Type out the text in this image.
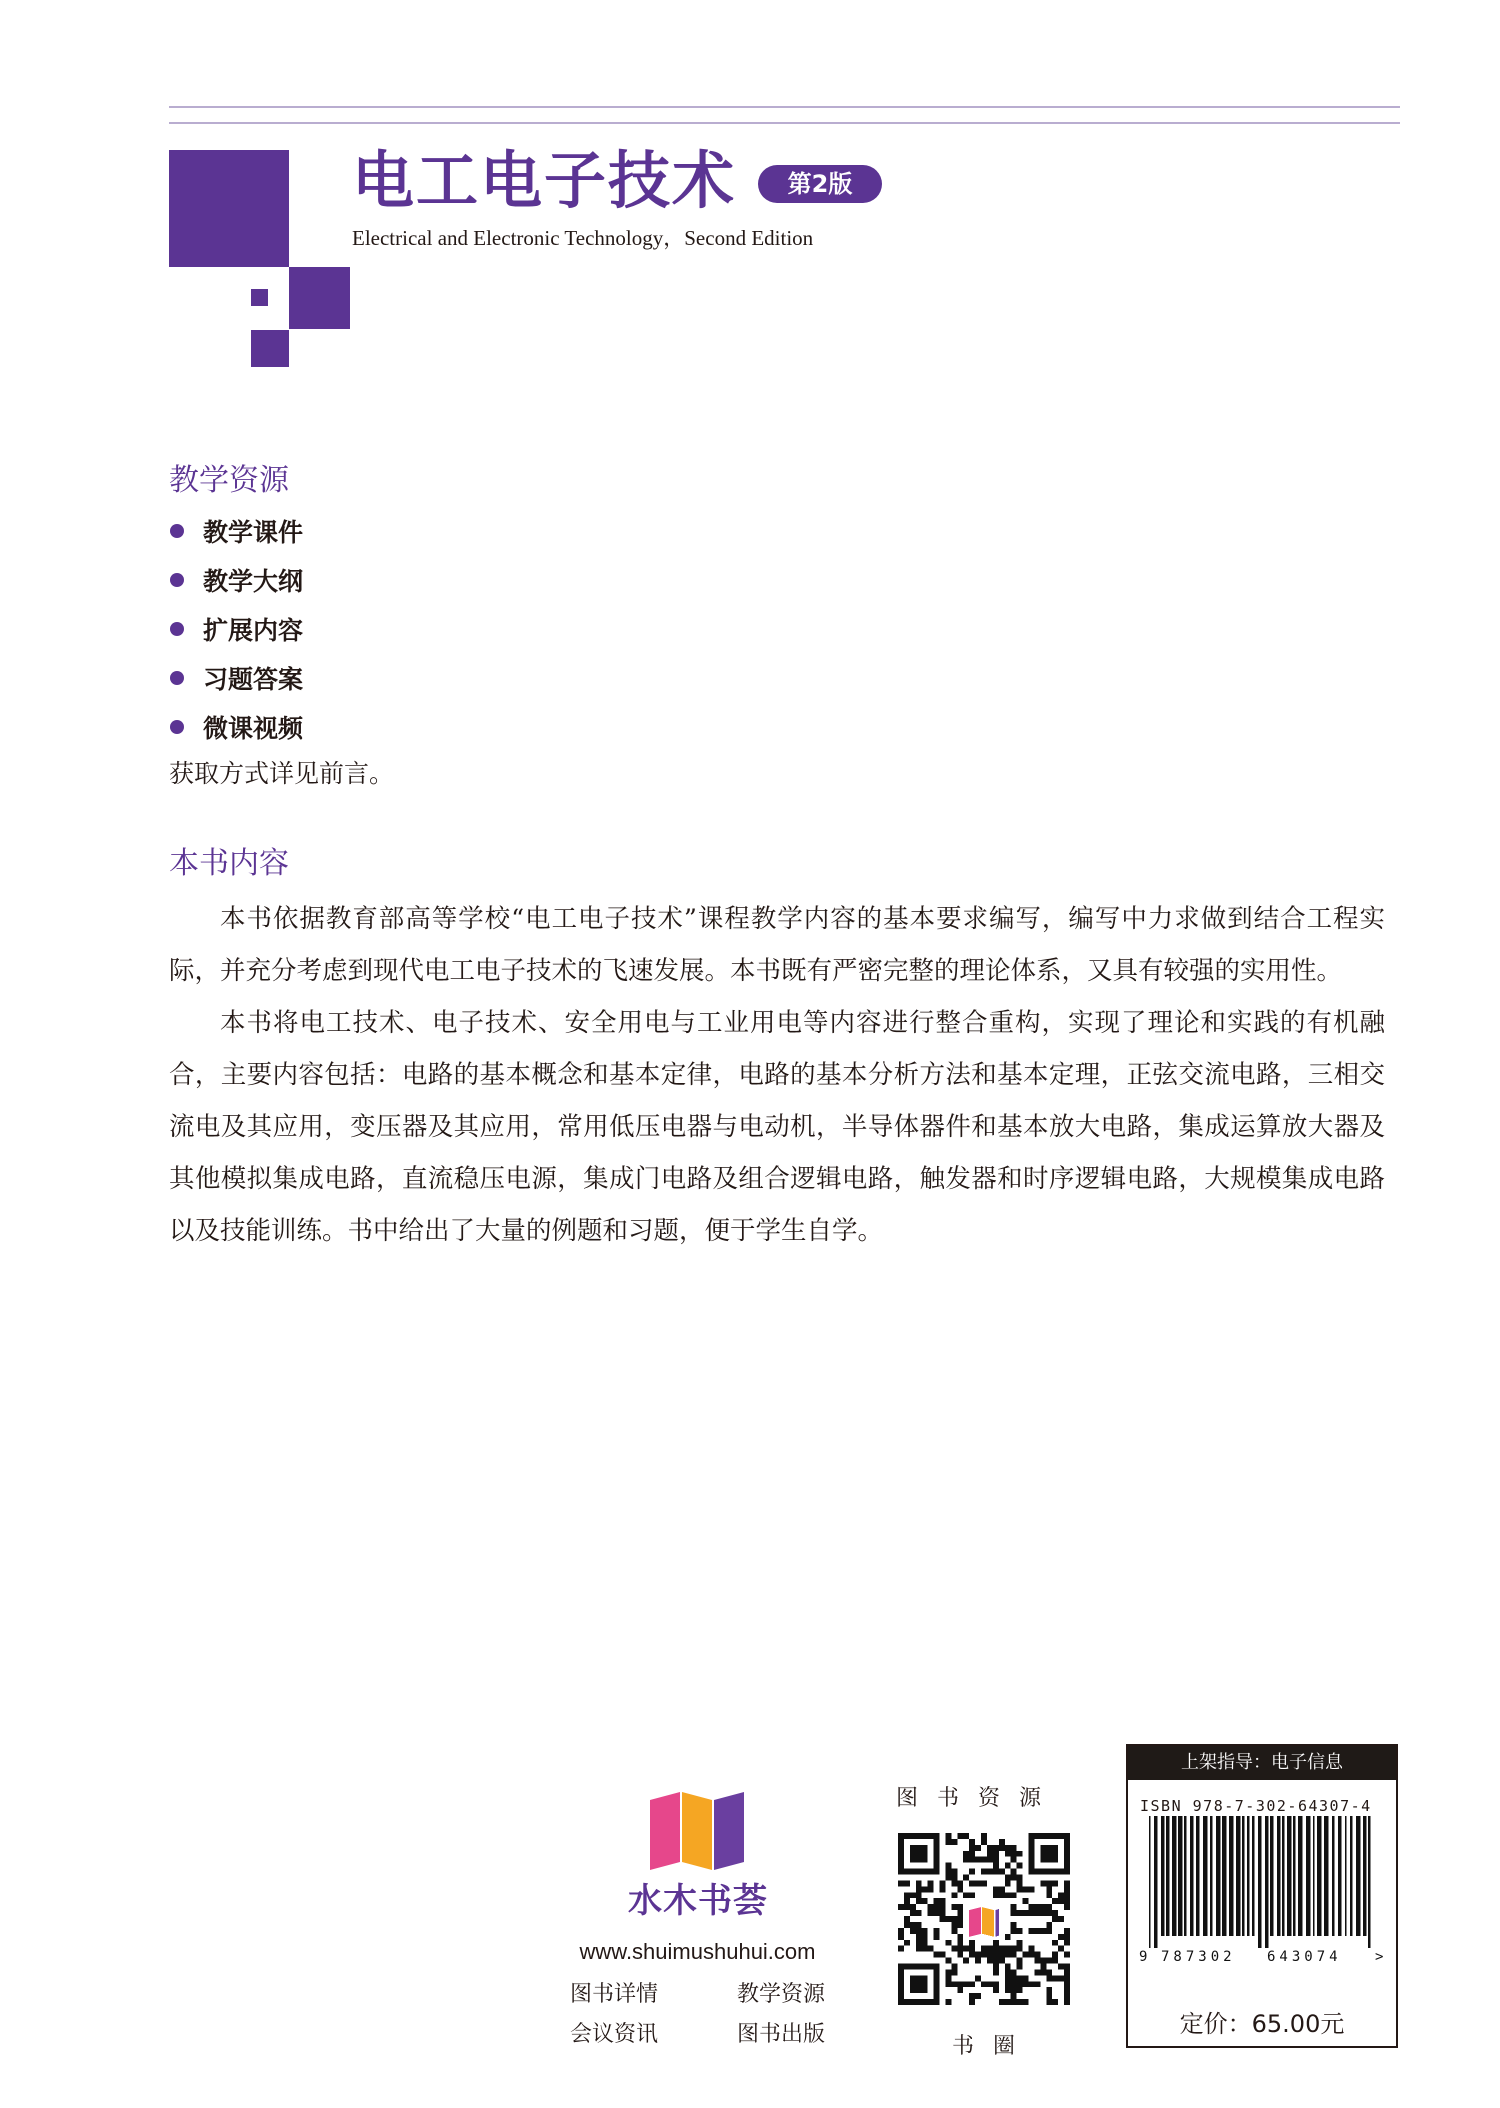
电工电子技术	第2版
Electrical and Electronic Technology，Second Edition
教学资源
教学课件
教学大纲
扩展内容
习题答案
微课视频
获取方式详见前言。
本书内容

本书依据教育部高等学校“电工电子技术”课程教学内容的基本要求编写，编写中力求做到结合工程实际，并充分考虑到现代电工电子技术的飞速发展。本书既有严密完整的理论体系，又具有较强的实用性。

本书将电工技术、电子技术、安全用电与工业用电等内容进行整合重构，实现了理论和实践的有机融合，主要内容包括：电路的基本概念和基本定律，电路的基本分析方法和基本定理，正弦交流电路，三相交流电及其应用，变压器及其应用，常用低压电器与电动机，半导体器件和基本放大电路，集成运算放大器及其他模拟集成电路，直流稳压电源，集成门电路及组合逻辑电路，触发器和时序逻辑电路，大规模集成电路以及技能训练。书中给出了大量的例题和习题，便于学生自学。

水木书荟
www.shuimushuhui.com
图书详情	教学资源
会议资讯	图书出版
图书资源
书圈
上架指导：电子信息
ISBN 978-7-302-64307-4
9 787302 643074 >
定价：65.00元
